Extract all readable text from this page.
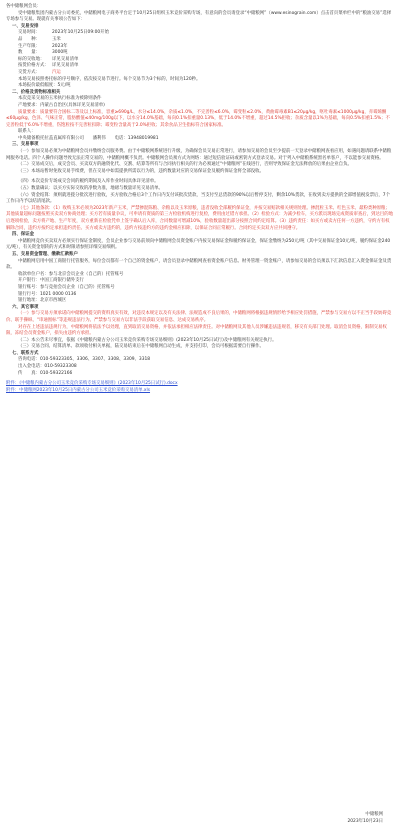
各中储粮网会员：

受中储粮集团内蒙古分公司委托，中储粮网电子商务平台定于10月25日组织玉米竞价采购专场，有意向的会员请登录“中储粮网”（www.esinograin.com）点击首页菜单栏中的“粮油交易”选择专场参与交易。现就有关事项公告如下：

一、交易安排

交易时间：	2023年10月25日09:00开始

品　　种：	玉米

生产年限：	2023年

数　　量：	3000吨

标的交收地： 详见交易清单

按货价格方式： 详见交易清单

交货方式：	汽运

本场交易按照委托标的序号顺序，依次按交易节进行。每个交易节为3个标的，时间为120秒。

本场报价最低幅度：5元/吨

二、价格及货物标准相关

本次竞采交易的玉米执行标准为被除则条件

产地要求：内蒙古自治区(具体详见交易清单)

质量要求：质量要符合国标二等及以上标准，容重≥690g/L，水分≤14.0%，杂质≤1.0%，不完善粒≤6.0%，霉变粒≤2.0%，黄曲霉毒素B1≤20μg/kg，呕吐毒素≤1000μg/kg，赤霉烯酮≤60μg/kg，色泽、气味正常，脂肪酸值≤40mg/100g以下，以水分14.0%基础，每向0.1%扣重量0.13%，低于14.0%不增重，超过14.5%拒收；杂质含量以1%为基础，每向0.5%扣重1.5%；不完善粒低于6.0%不增重，伤饱粒按不完善粒扣除；霉变粒含量高于2.0%拒收；其余食品卫生指标符合国家标准。

联系人：

中央储备粮托拉盖直属库有限公司　　潘利伟　　电话：13948019981

三、交易事项

（一）参加交易必须为中储粮网会员并缴纳会员服务费。由于中储粮网系统进行升级，为确保会员交易正常进行，请参加交易的会员至少提前一天登录中储粮网查看应用，如遇问题请联系中储粮网服务电话。四个人操作问题导致无法正常交易的，中储粮网概不负责。中储粮网会员须方式为网络：通过短信验证码或密钥方式登录交易。对于列入中储粮系统黑名单客户，不以能参交易资格。

（二）交易成交后，成交会员、买卖双方的融资化代、交割、结算等所有与合同执行相关的行为必须通过“中储粮网”在线进行，否则导致保证金无法释放的后果由企业自负。

（三）本场站暂时免收交易手续费，但在交易中如需提供所需以行为的，违约数量对应的交易保证金及履约保证金将全部没收。

（四）本次竞价专场成交会同的履约期间及入库作业时间具体详见清单。

（五）数量确认：以买方实际交收的净数为准，地磅与数量详见交易清单。

（六）资金结算：须则就进拨分批次进行验收，买方验收合格后3个工作日内支付该批次货款，当支付至总货款的90%以后暂停支付，剩余10%货款，在收到卖方提供的全部增值税发票后，7个工作日内予以结清尾款。

（七）其他条款：（1）收购玉米必须为2023年新产玉米，严禁掺混陈粮、杂粮以及玉米原粮，违者没收全部履约保证金，并按交易赔款相关规则处理。掺混粒玉米、红色玉米、最粉类种原粮；其他质量超标问题按照买卖双方协商处理；买方若有质量争议，可申请有资质的第三方检验机构进行复检，费用由过错方承担。（2）检验方式：为减少检车，买方派员现场完成资质审查后，到达目的地后逐项检验，卖方将产地、生产年度，双方重新在检验凭单上签字确认后入库，合同数量可增减10%，验收数量超出部分按照合同约定结算。（3）违约责任：如买方或卖方任何一方违约，守约方有权解除合同，违约方按约定承担违约责任。买方或卖方违约的，违约方按违约方的违约金相应扣除，以保证合同正常履行。合同约定买卖双方应共同遵守。

四、保证金

中储粮网竞价买卖双方必须实行保证金制度，会员企业参与交易前须向中储粮网会员资金账户内按交易保证金和履约保证金，保证金缴纳为250元/吨（其中交易保证金10元/吨，履约保证金240元/吨），有关资金划转的方式和时限请参照详细交易细则。

五、交易资金管理、缴款汇款账户

中储粮网启用中国工商银行托管服务，每位会员都有一个自己的资金账户，请会员登录中储粮网查看资金账户信息。财务管理一资金账户，请参加交易的会员须以下汇款信息汇入资金保证金及货款。

收款单位户名：参与北京会员企业（自己的）托管账号

开户银行：中国工商银行储外支行

银行账号：参与竞拍会员企业（自己的）托管账号

银行行号：1021 0000 0136

银行地址：北京市西城区

六、其它事项

（一）参与交易方须承诺向中储粮网提交的资料真实有效，对违反本规定以及有关法律、法规造成不良后果的，中储粮网将根据违规情形给予相应处罚措施，严禁参与交易方以不正当手段妨碍竞价、联手操纵、“串通围标”等违规违法行为。严禁参与交易方以非法手段获取交易信息、达成交易秩序。

对存在上述违法违规行为，中储粮网将依法予以处理，直到取消交易资格，并依法承担相应法律责任。对中储粮网及其他人员涉嫌违法违规者，移交有关部门处理。取消会员资格，限制交易权限，冻结会员资金账户，损失由违约方承担。

（二）本公告未尽事宜，依据《中储粮内蒙古分公司玉米竞价采购专场交易细则》(2023年10月25日试行)及中储粮网有关规定执行。

（三）交易合同、结算清单、款项收付相关单据，陆交易结束后在中储粮网自动生成，并支持打印，会员可根据需要自行操作。

七、联系方式

咨询电话：010-59323305、3306、3307、3308、3309、3318

出入金电话：010-59323308

传　　真：010-59322166

附件：《中储粮内蒙古分公司玉米竞价采购专场交易细则》(2023年10月25日试行).docx

附件：中储粮网2023年10月25日内蒙古分公司玉米竞价采购交易清单.xls

中储粮网

2023年10月23日
